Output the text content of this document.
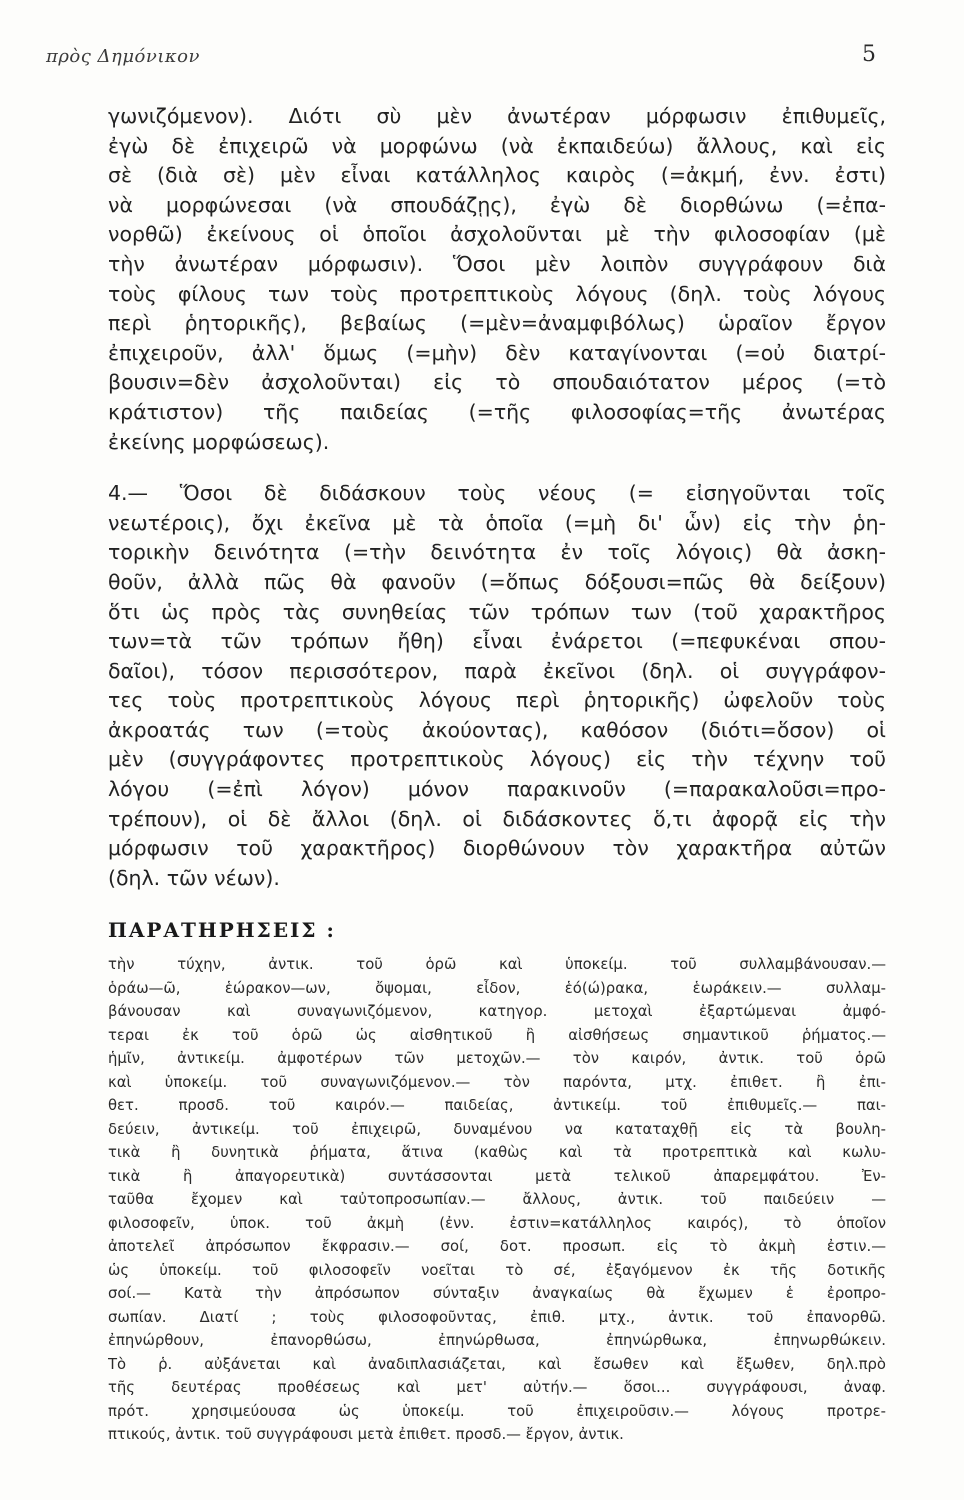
πρὸς Δημόνικον	5
γωνιζόμενον). Διότι σὺ μὲν ἀνωτέραν μόρφωσιν ἐπιθυμεῖς,
ἐγὼ δὲ ἐπιχειρῶ νὰ μορφώνω (νὰ ἐκπαιδεύω) ἄλλους, καὶ εἰς
σὲ (διὰ σὲ) μὲν εἶναι κατάλληλος καιρὸς (=ἀκμή, ἐνν. ἐστι)
νὰ μορφώνεσαι (νὰ σπουδάζῃς), ἐγὼ δὲ διορθώνω (=ἐπα-
νορθῶ) ἐκείνους οἱ ὁποῖοι ἀσχολοῦνται μὲ τὴν φιλοσοφίαν (μὲ
τὴν ἀνωτέραν μόρφωσιν). Ὅσοι μὲν λοιπὸν συγγράφουν διὰ
τοὺς φίλους των τοὺς προτρεπτικοὺς λόγους (δηλ. τοὺς λόγους
περὶ ῥητορικῆς), βεβαίως (=μὲν=ἀναμφιβόλως) ὡραῖον ἔργον
ἐπιχειροῦν, ἀλλ' ὅμως (=μὴν) δὲν καταγίνονται (=οὐ διατρί-
βουσιν=δὲν ἀσχολοῦνται) εἰς τὸ σπουδαιότατον μέρος (=τὸ
κράτιστον) τῆς παιδείας (=τῆς φιλοσοφίας=τῆς ἀνωτέρας
ἐκείνης μορφώσεως).
4.— Ὅσοι δὲ διδάσκουν τοὺς νέους (= εἰσηγοῦνται τοῖς
νεωτέροις), ὄχι ἐκεῖνα μὲ τὰ ὁποῖα (=μὴ δι' ὧν) εἰς τὴν ῥη-
τορικὴν δεινότητα (=τὴν δεινότητα ἐν τοῖς λόγοις) θὰ ἀσκη-
θοῦν, ἀλλὰ πῶς θὰ φανοῦν (=ὅπως δόξουσι=πῶς θὰ δείξουν)
ὅτι ὡς πρὸς τὰς συνηθείας τῶν τρόπων των (τοῦ χαρακτῆρος
των=τὰ τῶν τρόπων ἤθη) εἶναι ἐνάρετοι (=πεφυκέναι σπου-
δαῖοι), τόσον περισσότερον, παρὰ ἐκεῖνοι (δηλ. οἱ συγγράφον-
τες τοὺς προτρεπτικοὺς λόγους περὶ ῥητορικῆς) ὠφελοῦν τοὺς
ἀκροατάς των (=τοὺς ἀκούοντας), καθόσον (διότι=ὅσον) οἱ
μὲν (συγγράφοντες προτρεπτικοὺς λόγους) εἰς τὴν τέχνην τοῦ
λόγου (=ἐπὶ λόγον) μόνον παρακινοῦν (=παρακαλοῦσι=προ-
τρέπουν), οἱ δὲ ἄλλοι (δηλ. οἱ διδάσκοντες ὅ,τι ἀφορᾷ εἰς τὴν
μόρφωσιν τοῦ χαρακτῆρος) διορθώνουν τὸν χαρακτῆρα αὐτῶν
(δηλ. τῶν νέων).
ΠΑΡΑΤΗΡΗΣΕΙΣ :
τὴν τύχην, ἀντικ. τοῦ ὁρῶ καὶ ὑποκείμ. τοῦ συλλαμβάνουσαν.—
ὁράω—ῶ, ἑώρακον—ων, ὄψομαι, εἶδον, ἑό(ώ)ρακα, ἑωράκειν.— συλλαμ-
βάνουσαν καὶ συναγωνιζόμενον, κατηγορ. μετοχαὶ ἐξαρτώμεναι ἀμφό-
τεραι ἐκ τοῦ ὁρῶ ὡς αἰσθητικοῦ ἢ αἰσθήσεως σημαντικοῦ ῥήματος.—
ἡμῖν, ἀντικείμ. ἀμφοτέρων τῶν μετοχῶν.— τὸν καιρόν, ἀντικ. τοῦ ὁρῶ
καὶ ὑποκείμ. τοῦ συναγωνιζόμενον.— τὸν παρόντα, μτχ. ἐπιθετ. ἢ ἐπι-
θετ. προσδ. τοῦ καιρόν.— παιδείας, ἀντικείμ. τοῦ ἐπιθυμεῖς.— παι-
δεύειν, ἀντικείμ. τοῦ ἐπιχειρῶ, δυναμένου να καταταχθῇ εἰς τὰ βουλη-
τικὰ ἢ δυνητικὰ ῥήματα, ἅτινα (καθὼς καὶ τὰ προτρεπτικὰ καὶ κωλυ-
τικὰ ἢ ἀπαγορευτικὰ) συντάσσονται μετὰ τελικοῦ ἀπαρεμφάτου. Ἐν-
ταῦθα ἔχομεν καὶ ταὐτοπροσωπίαν.— ἄλλους, ἀντικ. τοῦ παιδεύειν —
φιλοσοφεῖν, ὑποκ. τοῦ ἀκμὴ (ἐνν. ἐστιν=κατάλληλος καιρός), τὸ ὁποῖον
ἀποτελεῖ ἀπρόσωπον ἔκφρασιν.— σοί, δοτ. προσωπ. εἰς τὸ ἀκμὴ ἐστιν.—
ὡς ὑποκείμ. τοῦ φιλοσοφεῖν νοεῖται τὸ σέ, ἐξαγόμενον ἐκ τῆς δοτικῆς
σοί.— Κατὰ τὴν ἀπρόσωπον σύνταξιν ἀναγκαίως θὰ ἔχωμεν ἑ ἐροπρο-
σωπίαν. Διατί ; τοὺς φιλοσοφοῦντας, ἐπιθ. μτχ., ἀντικ. τοῦ ἐπανορθῶ.
ἐπηνώρθουν, ἐπανορθώσω, ἐπηνώρθωσα, ἐπηνώρθωκα, ἐπηνωρθώκειν.
Τὸ ῥ. αὐξάνεται καὶ ἀναδιπλασιάζεται, καὶ ἔσωθεν καὶ ἔξωθεν, δηλ.πρὸ
τῆς δευτέρας προθέσεως καὶ μετ' αὐτήν.— ὅσοι... συγγράφουσι, ἀναφ.
πρότ. χρησιμεύουσα ὡς ὑποκείμ. τοῦ ἐπιχειροῦσιν.— λόγους προτρε-
πτικούς, ἀντικ. τοῦ συγγράφουσι μετὰ ἐπιθετ. προσδ.— ἔργον, ἀντικ.
